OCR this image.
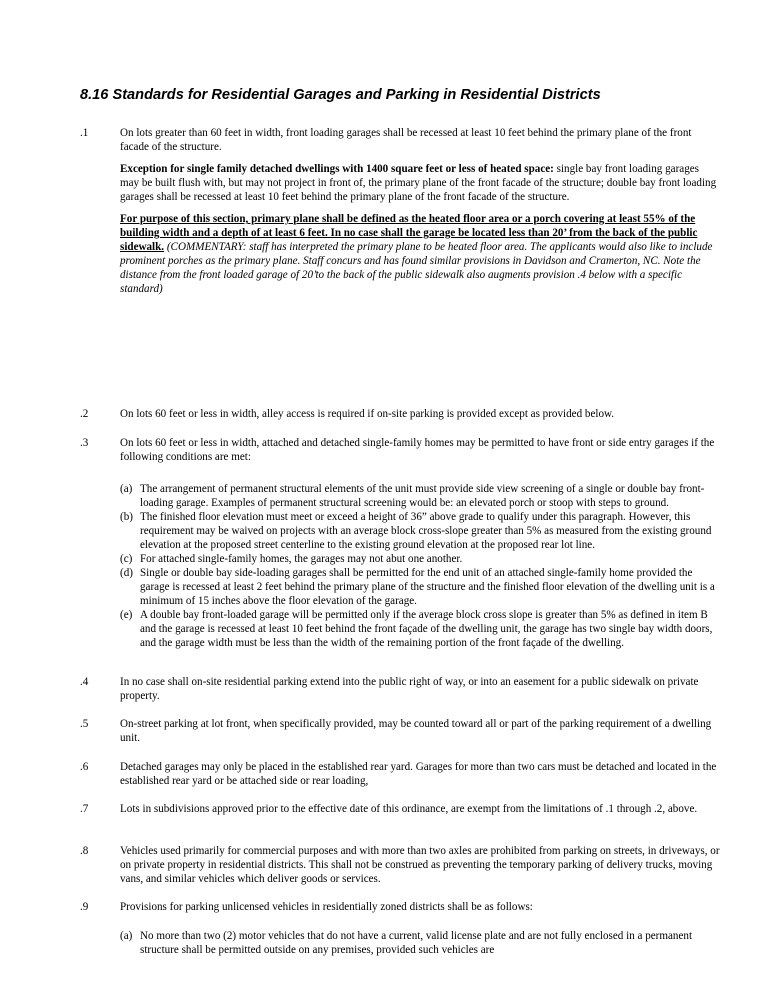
8.16 Standards for Residential Garages and Parking in Residential Districts
.1	On lots greater than 60 feet in width, front loading garages shall be recessed at least 10 feet behind the primary plane of the front facade of the structure.

Exception for single family detached dwellings with 1400 square feet or less of heated space: single bay front loading garages may be built flush with, but may not project in front of, the primary plane of the front facade of the structure; double bay front loading garages shall be recessed at least 10 feet behind the primary plane of the front facade of the structure.

For purpose of this section, primary plane shall be defined as the heated floor area or a porch covering at least 55% of the building width and a depth of at least 6 feet. In no case shall the garage be located less than 20’ from the back of the public sidewalk. (COMMENTARY: staff has interpreted the primary plane to be heated floor area. The applicants would also like to include prominent porches as the primary plane. Staff concurs and has found similar provisions in Davidson and Cramerton, NC. Note the distance from the front loaded garage of 20’to the back of the public sidewalk also augments provision .4 below with a specific standard)

.2	On lots 60 feet or less in width, alley access is required if on-site parking is provided except as provided below.

.3	On lots 60 feet or less in width, attached and detached single-family homes may be permitted to have front or side entry garages if the following conditions are met:

(a) The arrangement of permanent structural elements of the unit must provide side view screening of a single or double bay front-loading garage. Examples of permanent structural screening would be: an elevated porch or stoop with steps to ground.
(b) The finished floor elevation must meet or exceed a height of 36” above grade to qualify under this paragraph. However, this requirement may be waived on projects with an average block cross-slope greater than 5% as measured from the existing ground elevation at the proposed street centerline to the existing ground elevation at the proposed rear lot line.
(c) For attached single-family homes, the garages may not abut one another.
(d) Single or double bay side-loading garages shall be permitted for the end unit of an attached single-family home provided the garage is recessed at least 2 feet behind the primary plane of the structure and the finished floor elevation of the dwelling unit is a minimum of 15 inches above the floor elevation of the garage.
(e) A double bay front-loaded garage will be permitted only if the average block cross slope is greater than 5% as defined in item B and the garage is recessed at least 10 feet behind the front façade of the dwelling unit, the garage has two single bay width doors, and the garage width must be less than the width of the remaining portion of the front façade of the dwelling.
.4	In no case shall on-site residential parking extend into the public right of way, or into an easement for a public sidewalk on private property.

.5	On-street parking at lot front, when specifically provided, may be counted toward all or part of the parking requirement of a dwelling unit.

.6	Detached garages may only be placed in the established rear yard. Garages for more than two cars must be detached and located in the established rear yard or be attached side or rear loading,

.7	Lots in subdivisions approved prior to the effective date of this ordinance, are exempt from the limitations of .1 through .2, above.

.8	Vehicles used primarily for commercial purposes and with more than two axles are prohibited from parking on streets, in driveways, or on private property in residential districts. This shall not be construed as preventing the temporary parking of delivery trucks, moving vans, and similar vehicles which deliver goods or services.

.9	Provisions for parking unlicensed vehicles in residentially zoned districts shall be as follows:

(a) No more than two (2) motor vehicles that do not have a current, valid license plate and are not fully enclosed in a permanent structure shall be permitted outside on any premises, provided such vehicles are
